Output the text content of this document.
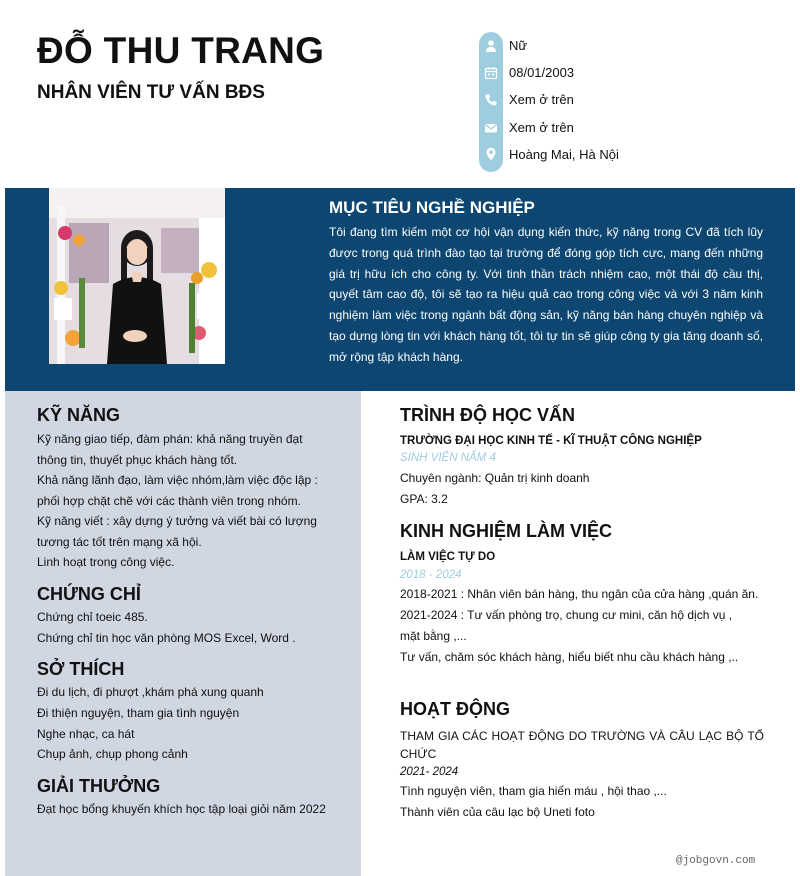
ĐỖ THU TRANG
NHÂN VIÊN TƯ VẤN BĐS
Nữ
08/01/2003
Xem ở trên
Xem ở trên
Hoàng Mai, Hà Nội
MỤC TIÊU NGHỀ NGHIỆP
Tôi đang tìm kiếm một cơ hội vận dụng kiến thức, kỹ năng trong CV đã tích lũy được trong quá trình đào tạo tại trường để đóng góp tích cực, mang đến những giá trị hữu ích cho công ty. Với tinh thần trách nhiệm cao, một thái độ cầu thị, quyết tâm cao độ, tôi sẽ tạo ra hiệu quả cao trong công việc và với 3 năm kinh nghiệm làm việc trong ngành bất động sản, kỹ năng bán hàng chuyên nghiệp và tạo dựng lòng tin với khách hàng tốt, tôi tự tin sẽ giúp công ty gia tăng doanh số, mở rộng tập khách hàng.
KỸ NĂNG
Kỹ năng giao tiếp, đàm phán: khả năng truyền đạt thông tin, thuyết phục khách hàng tốt.
Khả năng lãnh đạo, làm việc nhóm,làm việc độc lập : phối hợp chặt chẽ với các thành viên trong nhóm.
Kỹ năng viết : xây dựng ý tưởng và viết bài có lượng tương tác tốt trên mạng xã hội.
Linh hoạt trong công việc.
CHỨNG CHỈ
Chứng chỉ toeic 485.
Chứng chỉ tin học văn phòng MOS Excel, Word .
SỞ THÍCH
Đi du lịch, đi phượt ,khám phá xung quanh
Đi thiện nguyện, tham gia tình nguyện
Nghe nhạc, ca hát
Chụp ảnh, chụp phong cảnh
GIẢI THƯỞNG
Đạt học bổng khuyến khích học tập loại giỏi năm 2022
TRÌNH ĐỘ HỌC VẤN
TRƯỜNG ĐẠI HỌC KINH TẾ - KĨ THUẬT CÔNG NGHIỆP
SINH VIÊN NĂM 4
Chuyên ngành: Quản trị kinh doanh
GPA: 3.2
KINH NGHIỆM LÀM VIỆC
LÀM VIỆC TỰ DO
2018 - 2024
2018-2021 : Nhân viên bán hàng, thu ngân của cửa hàng ,quán ăn.
2021-2024 : Tư vấn phòng trọ, chung cư mini, căn hộ dịch vụ , mặt bằng ,...
Tư vấn, chăm sóc khách hàng, hiểu biết nhu cầu khách hàng ,..
HOẠT ĐỘNG
THAM GIA CÁC HOẠT ĐỘNG DO TRƯỜNG VÀ CÂU LẠC BỘ TỔ CHỨC
2021- 2024
Tình nguyện viên, tham gia hiến máu , hội thao ,...
Thành viên của câu lạc bộ Uneti foto
@jobgovn.com
